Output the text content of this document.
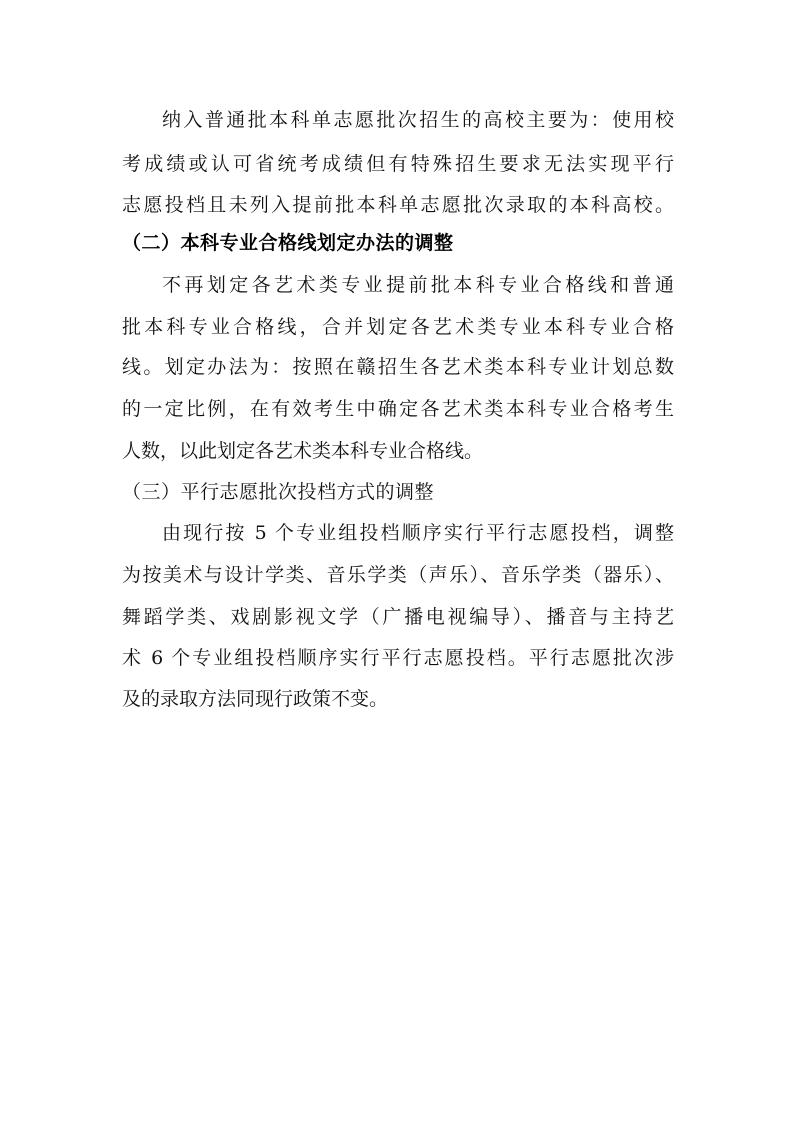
纳入普通批本科单志愿批次招生的高校主要为：使用校
考成绩或认可省统考成绩但有特殊招生要求无法实现平行
志愿投档且未列入提前批本科单志愿批次录取的本科高校。
（二）本科专业合格线划定办法的调整
不再划定各艺术类专业提前批本科专业合格线和普通
批本科专业合格线，合并划定各艺术类专业本科专业合格
线。划定办法为：按照在赣招生各艺术类本科专业计划总数
的一定比例，在有效考生中确定各艺术类本科专业合格考生
人数，以此划定各艺术类本科专业合格线。
（三）平行志愿批次投档方式的调整
由现行按 5 个专业组投档顺序实行平行志愿投档，调整
为按美术与设计学类、音乐学类（声乐）、音乐学类（器乐）、
舞蹈学类、戏剧影视文学（广播电视编导）、播音与主持艺
术 6 个专业组投档顺序实行平行志愿投档。平行志愿批次涉
及的录取方法同现行政策不变。
